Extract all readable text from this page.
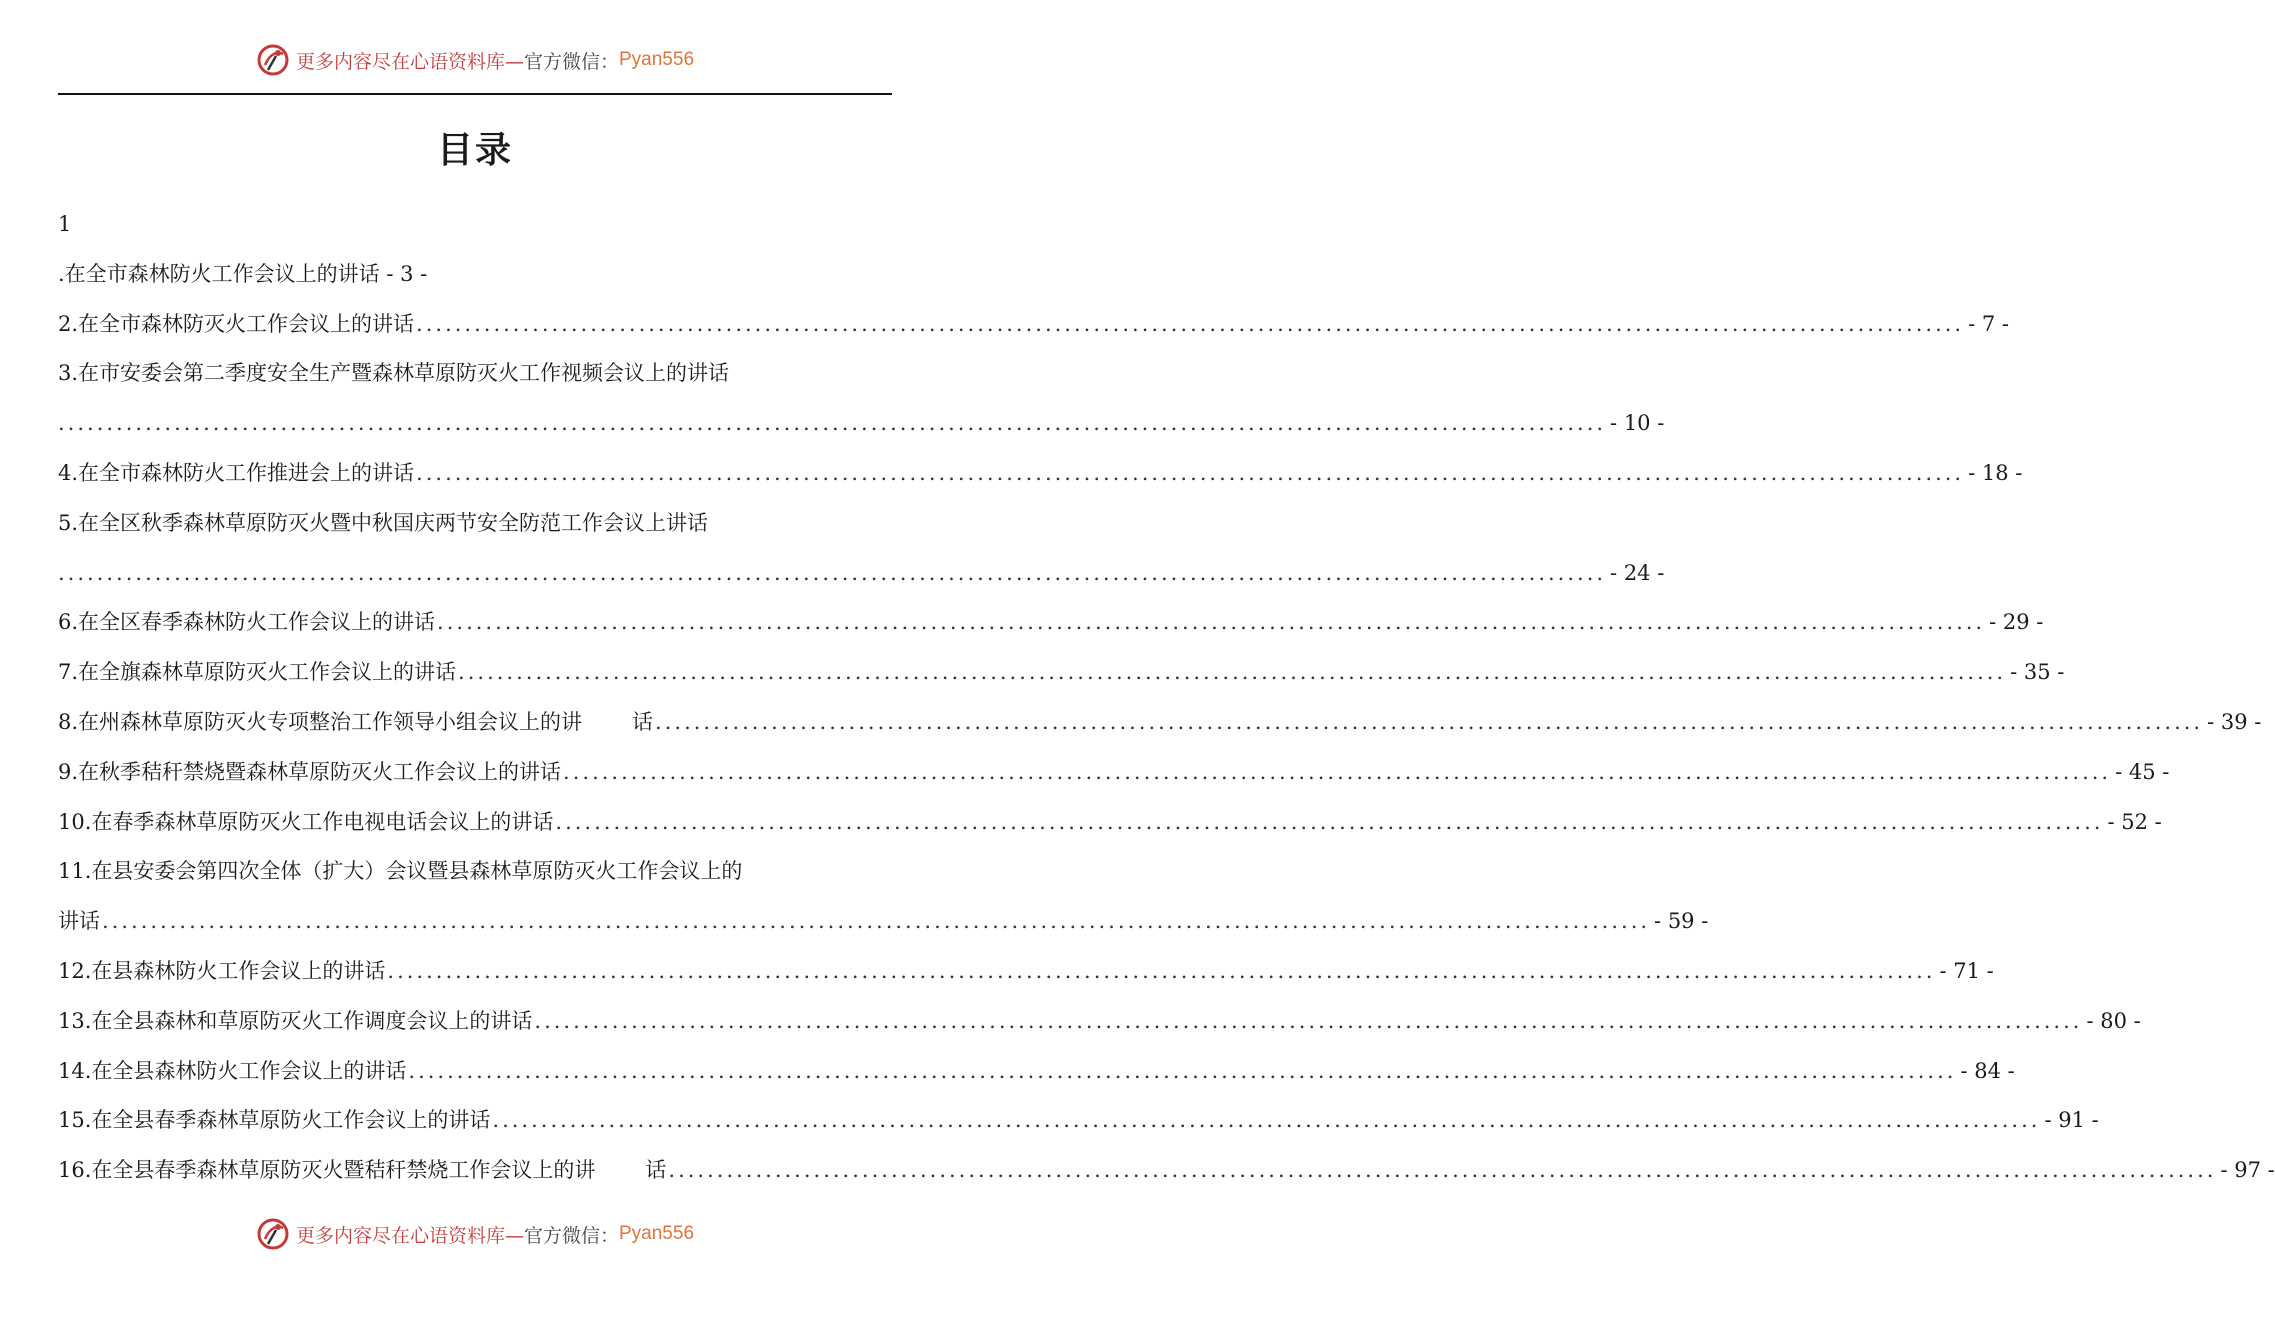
更多内容尽在心语资料库— 官方微信： Pyan556
目录
1
.在全市森林防火工作会议上的讲话 - 3 -
2.在全市森林防灭火工作会议上的讲话 ................................................................................................................................................................ - 7 -
3.在市安委会第二季度安全生产暨森林草原防灭火工作视频会议上的讲话
................................................................................................................................................................ - 10 -
4.在全市森林防火工作推进会上的讲话 ................................................................................................................................................................ - 18 -
5.在全区秋季森林草原防灭火暨中秋国庆两节安全防范工作会议上讲话
................................................................................................................................................................ - 24 -
6.在全区春季森林防火工作会议上的讲话 ................................................................................................................................................................ - 29 -
7.在全旗森林草原防灭火工作会议上的讲话 ................................................................................................................................................................ - 35 -
8.在州森林草原防灭火专项整治工作领导小组会议上的讲	话 ................................................................................................................................................................ - 39 -
9.在秋季秸秆禁烧暨森林草原防灭火工作会议上的讲话 ................................................................................................................................................................ - 45 -
10.在春季森林草原防灭火工作电视电话会议上的讲话 ................................................................................................................................................................ - 52 -
11.在县安委会第四次全体（扩大）会议暨县森林草原防灭火工作会议上的
讲话 ................................................................................................................................................................ - 59 -
12.在县森林防火工作会议上的讲话 ................................................................................................................................................................ - 71 -
13.在全县森林和草原防灭火工作调度会议上的讲话 ................................................................................................................................................................ - 80 -
14.在全县森林防火工作会议上的讲话 ................................................................................................................................................................ - 84 -
15.在全县春季森林草原防火工作会议上的讲话 ................................................................................................................................................................ - 91 -
16.在全县春季森林草原防灭火暨秸秆禁烧工作会议上的讲	话 ................................................................................................................................................................ - 97 -
更多内容尽在心语资料库— 官方微信： Pyan556
